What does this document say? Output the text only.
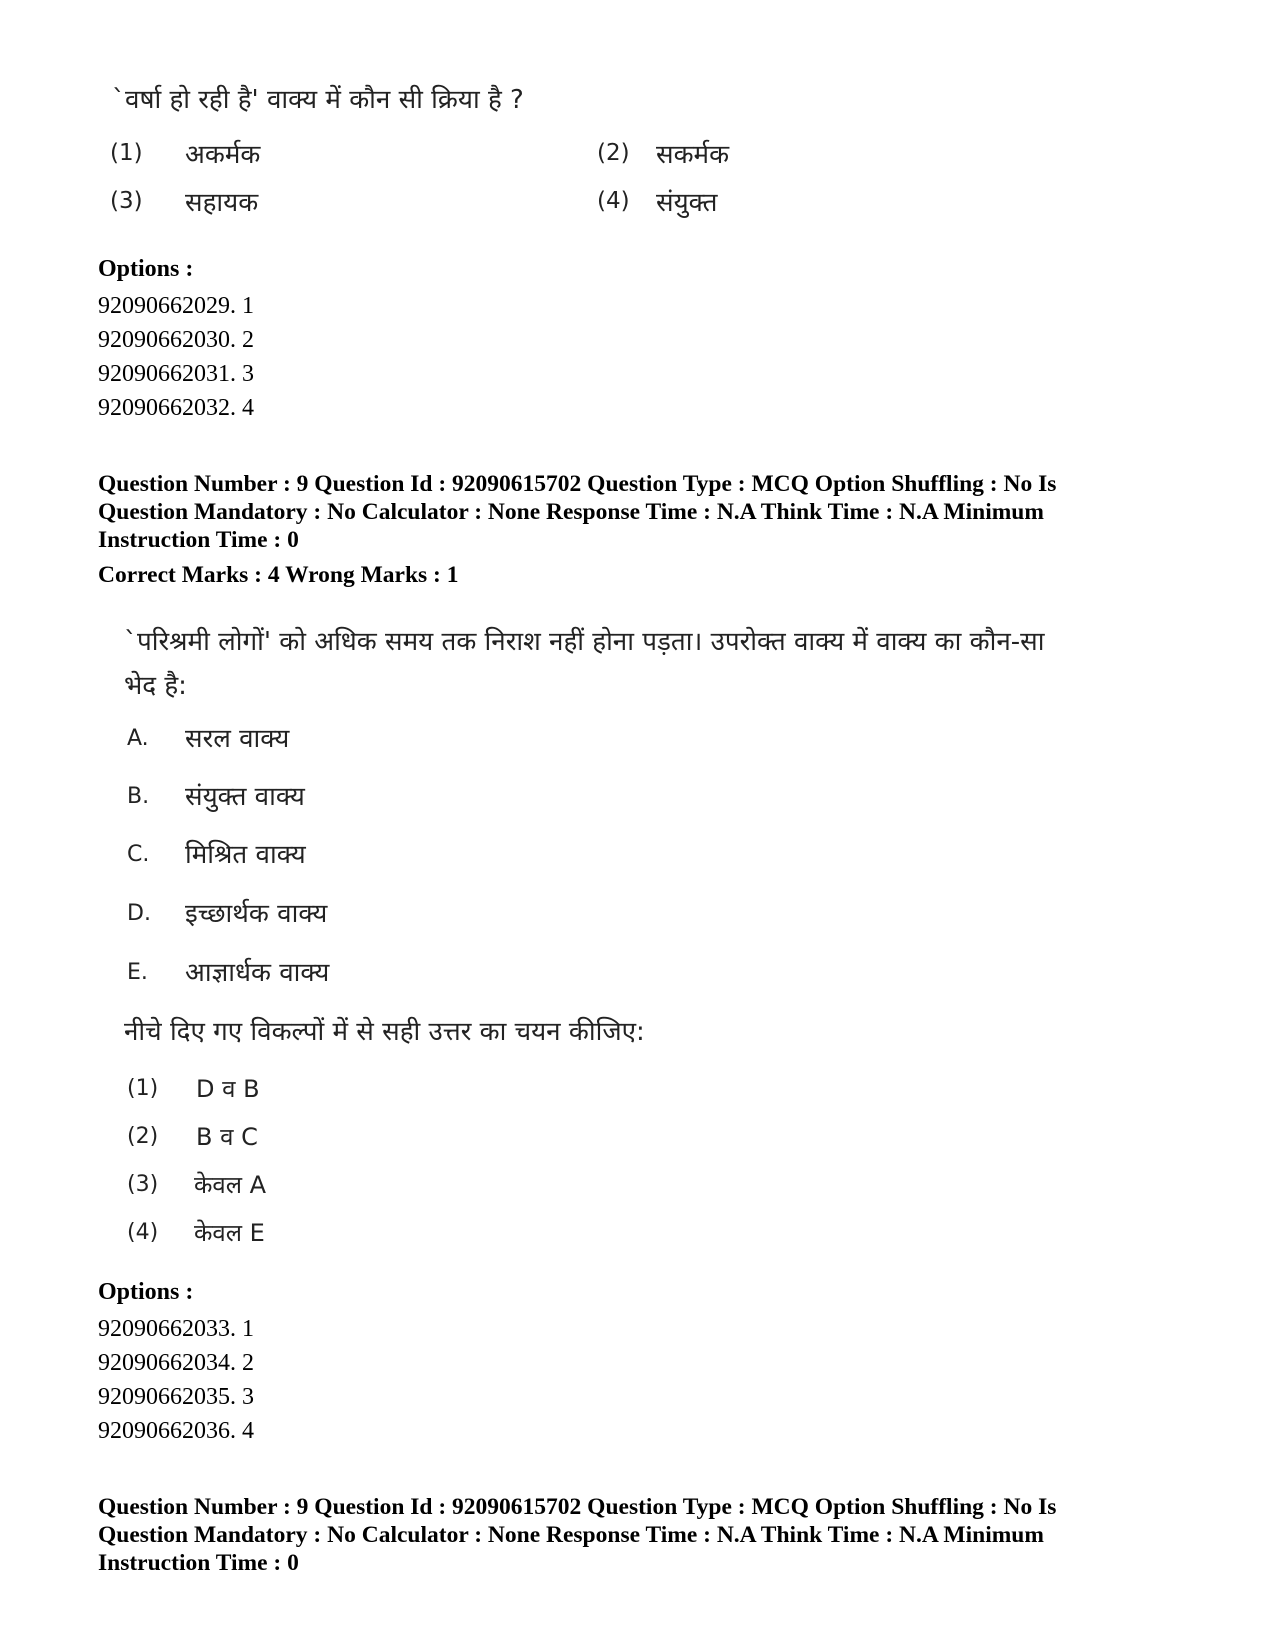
`वर्षा हो रही है' वाक्य में कौन सी क्रिया है ?
(1) अकर्मक	(2) सकर्मक
(3) सहायक	(4) संयुक्त
Options :
92090662029. 1
92090662030. 2
92090662031. 3
92090662032. 4
Question Number : 9 Question Id : 92090615702 Question Type : MCQ Option Shuffling : No Is
Question Mandatory : No Calculator : None Response Time : N.A Think Time : N.A Minimum
Instruction Time : 0
Correct Marks : 4 Wrong Marks : 1
`परिश्रमी लोगों' को अधिक समय तक निराश नहीं होना पड़ता। उपरोक्त वाक्य में वाक्य का कौन-सा
भेद है:
A. सरल वाक्य
B. संयुक्त वाक्य
C. मिश्रित वाक्य
D. इच्छार्थक वाक्य
E. आज्ञार्धक वाक्य
नीचे दिए गए विकल्पों में से सही उत्तर का चयन कीजिए:
(1) D व B
(2) B व C
(3) केवल A
(4) केवल E
Options :
92090662033. 1
92090662034. 2
92090662035. 3
92090662036. 4
Question Number : 9 Question Id : 92090615702 Question Type : MCQ Option Shuffling : No Is
Question Mandatory : No Calculator : None Response Time : N.A Think Time : N.A Minimum
Instruction Time : 0
